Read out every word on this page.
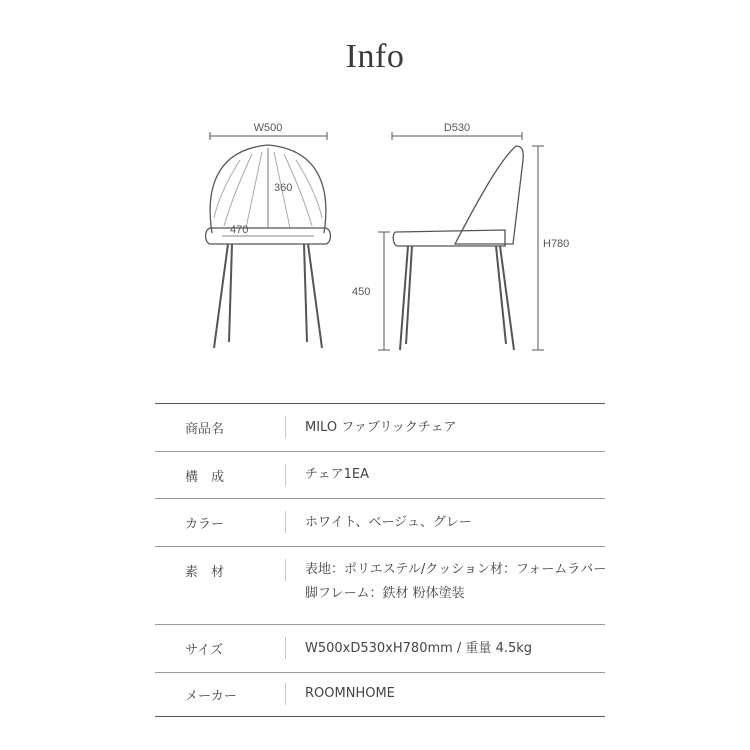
Info
W500
360
470
D530
H780
450
商品名	MILO ファブリックチェア
構　成	チェア1EA
カラー	ホワイト、ベージュ、グレー
素　材	表地：ポリエステル/クッション材：フォームラバー
脚フレーム：鉄材 粉体塗装
サイズ	W500xD530xH780mm / 重量 4.5kg
メーカー	ROOMNHOME
